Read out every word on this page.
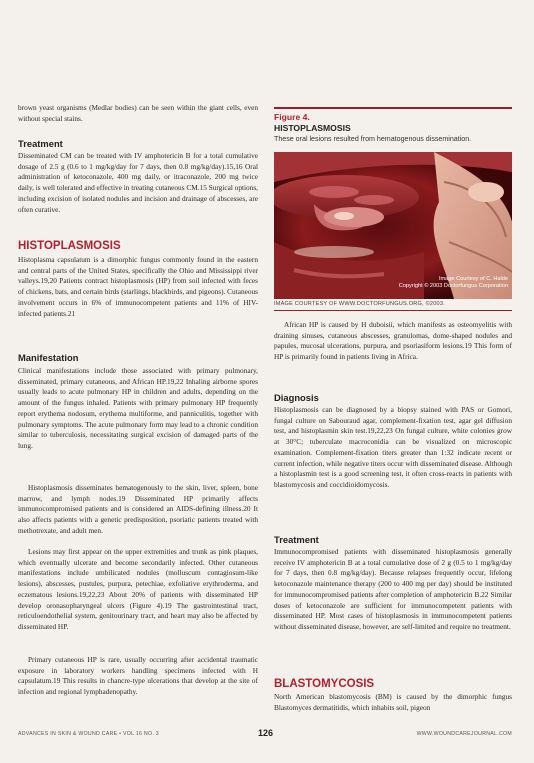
brown yeast organisms (Medlar bodies) can be seen within the giant cells, even without special stains.

Treatment

Disseminated CM can be treated with IV amphotericin B for a total cumulative dosage of 2.5 g (0.6 to 1 mg/kg/day for 7 days, then 0.8 mg/kg/day).15,16 Oral administration of ketoconazole, 400 mg daily, or itraconazole, 200 mg twice daily, is well tolerated and effective in treating cutaneous CM.15 Surgical options, including excision of isolated nodules and incision and drainage of abscesses, are often curative.

HISTOPLASMOSIS

Histoplasma capsulatum is a dimorphic fungus commonly found in the eastern and central parts of the United States, specifically the Ohio and Mississippi river valleys.19,20 Patients contract histoplasmosis (HP) from soil infected with feces of chickens, bats, and certain birds (starlings, blackbirds, and pigeons). Cutaneous involvement occurs in 6% of immunocompetent patients and 11% of HIV-infected patients.21

Manifestation

Clinical manifestations include those associated with primary pulmonary, disseminated, primary cutaneous, and African HP.19,22 Inhaling airborne spores usually leads to acute pulmonary HP in children and adults, depending on the amount of the fungus inhaled. Patients with primary pulmonary HP frequently report erythema nodosum, erythema multiforme, and panniculitis, together with pulmonary symptoms. The acute pulmonary form may lead to a chronic condition similar to tuberculosis, necessitating surgical excision of damaged parts of the lung.

Histoplasmosis disseminates hematogenously to the skin, liver, spleen, bone marrow, and lymph nodes.19 Disseminated HP primarily affects immunocompromised patients and is considered an AIDS-defining illness.20 It also affects patients with a genetic predisposition, psoriatic patients treated with methotrexate, and adult men.

Lesions may first appear on the upper extremities and trunk as pink plaques, which eventually ulcerate and become secondarily infected. Other cutaneous manifestations include umbilicated nodules (molluscum contagiosum-like lesions), abscesses, pustules, purpura, petechiae, exfoliative erythroderma, and eczematous lesions.19,22,23 About 20% of patients with disseminated HP develop oronasopharyngeal ulcers (Figure 4).19 The gastrointestinal tract, reticuloendothelial system, genitourinary tract, and heart may also be affected by disseminated HP.

Primary cutaneous HP is rare, usually occurring after accidental traumatic exposure in laboratory workers handling specimens infected with H capsulatum.19 This results in chancre-type ulcerations that develop at the site of infection and regional lymphadenopathy.

Figure 4.
HISTOPLASMOSIS
These oral lesions resulted from hematogenous dissemination.
Image Courtesy of C. Halde
Copyright © 2003 Doctorfungus Corporation
IMAGE COURTESY OF WWW.DOCTORFUNGUS.ORG, ©2003.

African HP is caused by H duboisii, which manifests as osteomyelitis with draining sinuses, cutaneous abscesses, granulomas, dome-shaped nodules and papules, mucosal ulcerations, purpura, and psoriasiform lesions.19 This form of HP is primarily found in patients living in Africa.

Diagnosis

Histoplasmosis can be diagnosed by a biopsy stained with PAS or Gomori, fungal culture on Sabouraud agar, complement-fixation test, agar gel diffusion test, and histoplasmin skin test.19,22,23 On fungal culture, white colonies grow at 30°C; tuberculate macroconidia can be visualized on microscopic examination. Complement-fixation titers greater than 1:32 indicate recent or current infection, while negative titers occur with disseminated disease. Although a histoplasmin test is a good screening test, it often cross-reacts in patients with blastomycosis and coccidioidomycosis.

Treatment

Immunocompromised patients with disseminated histoplasmosis generally receive IV amphotericin B at a total cumulative dose of 2 g (0.5 to 1 mg/kg/day for 7 days, then 0.8 mg/kg/day). Because relapses frequently occur, lifelong ketoconazole maintenance therapy (200 to 400 mg per day) should be instituted for immunocompromised patients after completion of amphotericin B.22 Similar doses of ketoconazole are sufficient for immunocompetent patients with disseminated HP. Most cases of histoplasmosis in immunocompetent patients without disseminated disease, however, are self-limited and require no treatment.

BLASTOMYCOSIS

North American blastomycosis (BM) is caused by the dimorphic fungus Blastomyces dermatitidis, which inhabits soil, pigeon

ADVANCES IN SKIN & WOUND CARE • VOL 16 NO. 3	126	WWW.WOUNDCAREJOURNAL.COM
